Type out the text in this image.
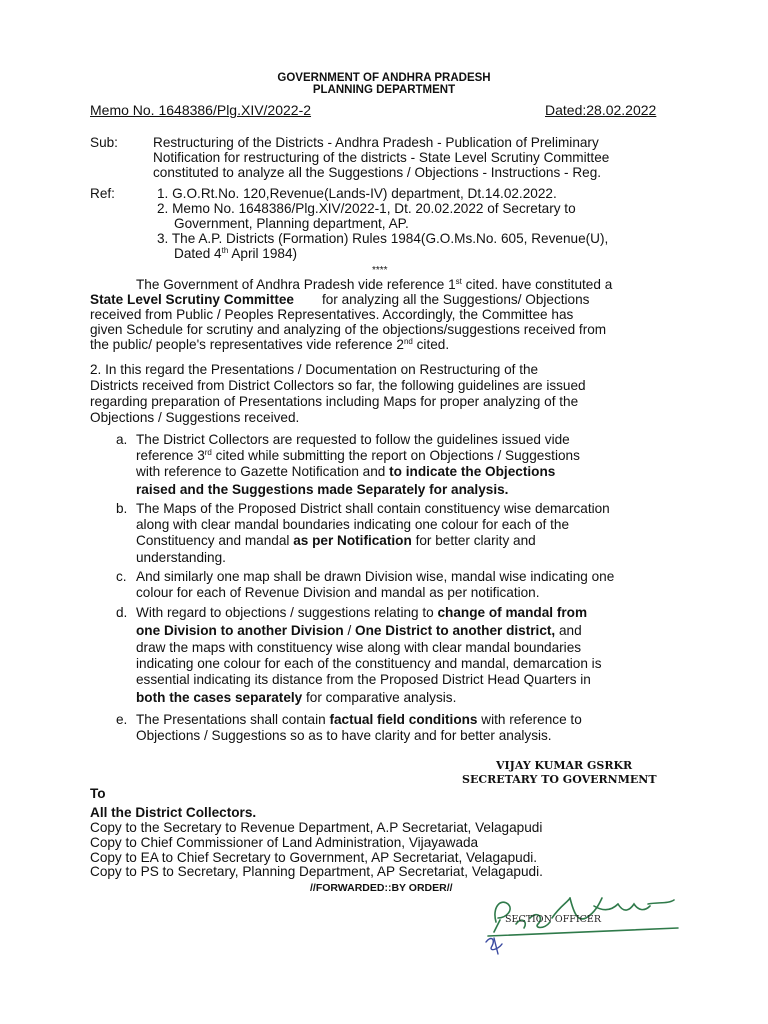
GOVERNMENT OF ANDHRA PRADESH
PLANNING DEPARTMENT
Memo No. 1648386/Plg.XIV/2022-2	Dated:28.02.2022
Sub:	Restructuring of the Districts - Andhra Pradesh - Publication of Preliminary
Notification for restructuring of the districts - State Level Scrutiny Committee
constituted to analyze all the Suggestions / Objections - Instructions - Reg.
Ref:	1. G.O.Rt.No. 120,Revenue(Lands-IV) department, Dt.14.02.2022.
2. Memo No. 1648386/Plg.XIV/2022-1, Dt. 20.02.2022 of Secretary to
Government, Planning department, AP.
3. The A.P. Districts (Formation) Rules 1984(G.O.Ms.No. 605, Revenue(U),
Dated 4th April 1984)
****
The Government of Andhra Pradesh vide reference 1st cited. have constituted a
State Level Scrutiny Committee for analyzing all the Suggestions/ Objections
received from Public / Peoples Representatives. Accordingly, the Committee has
given Schedule for scrutiny and analyzing of the objections/suggestions received from
the public/ people's representatives vide reference 2nd cited.
2. In this regard the Presentations / Documentation on Restructuring of the
Districts received from District Collectors so far, the following guidelines are issued
regarding preparation of Presentations including Maps for proper analyzing of the
Objections / Suggestions received.
a. The District Collectors are requested to follow the guidelines issued vide
reference 3rd cited while submitting the report on Objections / Suggestions
with reference to Gazette Notification and to indicate the Objections
raised and the Suggestions made Separately for analysis.
b. The Maps of the Proposed District shall contain constituency wise demarcation
along with clear mandal boundaries indicating one colour for each of the
Constituency and mandal as per Notification for better clarity and
understanding.
c. And similarly one map shall be drawn Division wise, mandal wise indicating one
colour for each of Revenue Division and mandal as per notification.
d. With regard to objections / suggestions relating to change of mandal from
one Division to another Division / One District to another district, and
draw the maps with constituency wise along with clear mandal boundaries
indicating one colour for each of the constituency and mandal, demarcation is
essential indicating its distance from the Proposed District Head Quarters in
both the cases separately for comparative analysis.
e. The Presentations shall contain factual field conditions with reference to
Objections / Suggestions so as to have clarity and for better analysis.
VIJAY KUMAR GSRKR
SECRETARY TO GOVERNMENT
To
All the District Collectors.
Copy to the Secretary to Revenue Department, A.P Secretariat, Velagapudi
Copy to Chief Commissioner of Land Administration, Vijayawada
Copy to EA to Chief Secretary to Government, AP Secretariat, Velagapudi.
Copy to PS to Secretary, Planning Department, AP Secretariat, Velagapudi.
//FORWARDED::BY ORDER//
SECTION OFFICER
